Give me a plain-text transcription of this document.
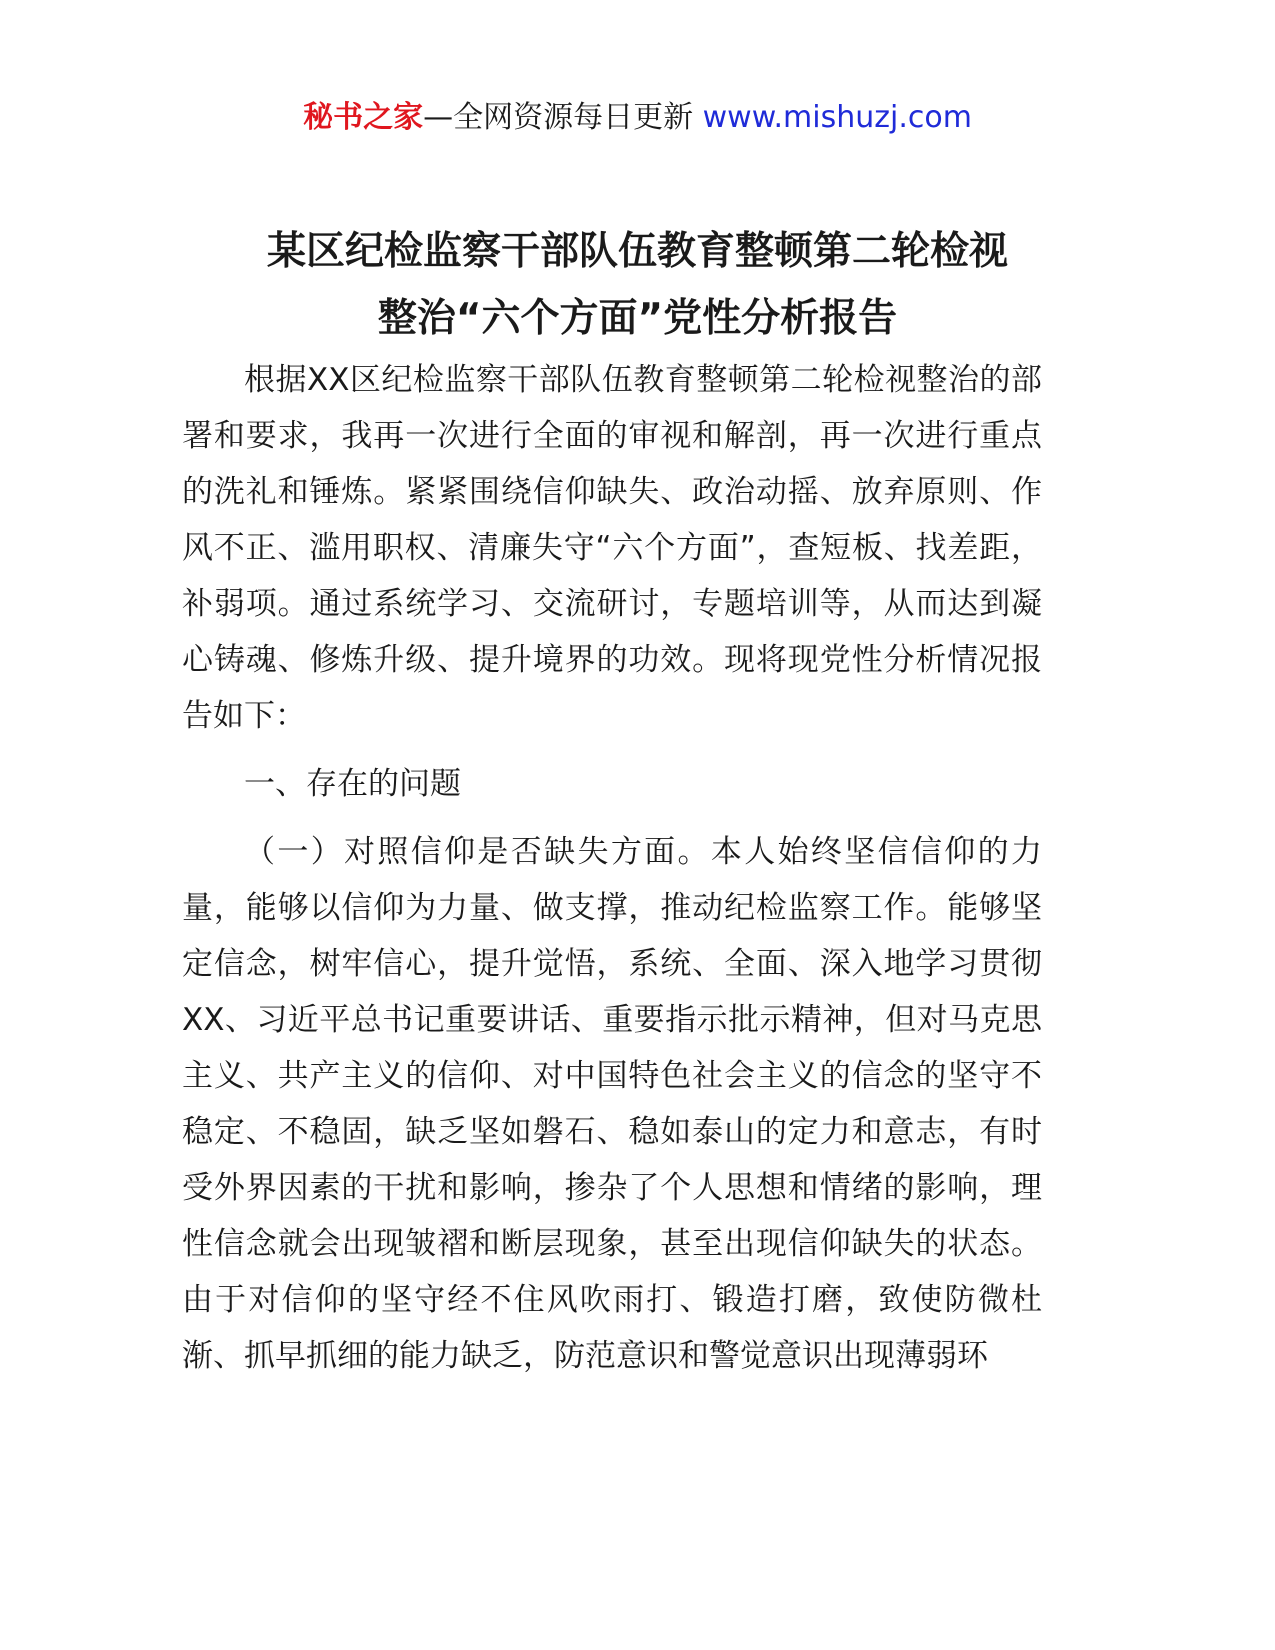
秘书之家—全网资源每日更新 www.mishuzj.com
某区纪检监察干部队伍教育整顿第二轮检视
整治“六个方面”党性分析报告

根据XX区纪检监察干部队伍教育整顿第二轮检视整治的部署和要求，我再一次进行全面的审视和解剖，再一次进行重点的洗礼和锤炼。紧紧围绕信仰缺失、政治动摇、放弃原则、作风不正、滥用职权、清廉失守“六个方面”，查短板、找差距，补弱项。通过系统学习、交流研讨，专题培训等，从而达到凝心铸魂、修炼升级、提升境界的功效。现将现党性分析情况报告如下：

一、存在的问题

（一）对照信仰是否缺失方面。本人始终坚信信仰的力量，能够以信仰为力量、做支撑，推动纪检监察工作。能够坚定信念，树牢信心，提升觉悟，系统、全面、深入地学习贯彻XX、习近平总书记重要讲话、重要指示批示精神，但对马克思主义、共产主义的信仰、对中国特色社会主义的信念的坚守不稳定、不稳固，缺乏坚如磐石、稳如泰山的定力和意志，有时受外界因素的干扰和影响，掺杂了个人思想和情绪的影响，理性信念就会出现皱褶和断层现象，甚至出现信仰缺失的状态。由于对信仰的坚守经不住风吹雨打、锻造打磨，致使防微杜渐、抓早抓细的能力缺乏，防范意识和警觉意识出现薄弱环
